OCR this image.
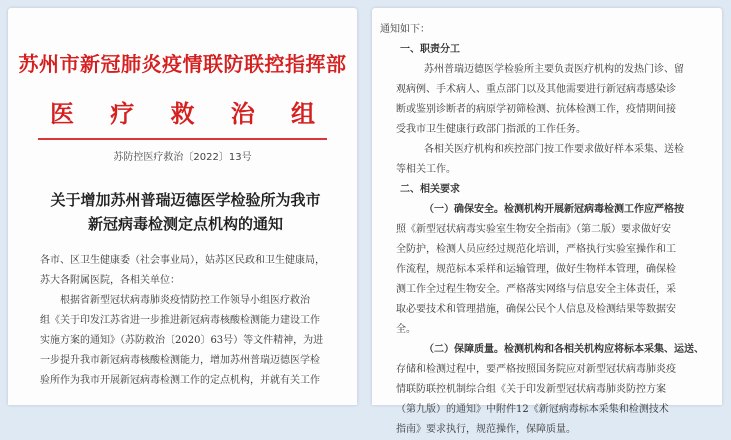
苏州市新冠肺炎疫情联防联控指挥部
医 疗 救 治 组
苏防控医疗救治〔2022〕13号
关于增加苏州普瑞迈德医学检验所为我市
新冠病毒检测定点机构的通知
各市、区卫生健康委（社会事业局），姑苏区民政和卫生健康局，
苏大各附属医院，各相关单位：
根据省新型冠状病毒肺炎疫情防控工作领导小组医疗救治
组《关于印发江苏省进一步推进新冠病毒核酸检测能力建设工作
实施方案的通知》（苏防救治〔2020〕63号）等文件精神，为进
一步提升我市新冠病毒核酸检测能力，增加苏州普瑞迈德医学检
验所作为我市开展新冠病毒检测工作的定点机构，并就有关工作
通知如下：
一、职责分工
苏州普瑞迈德医学检验所主要负责医疗机构的发热门诊、留
观病例、手术病人、重点部门以及其他需要进行新冠病毒感染诊
断或鉴别诊断者的病原学初筛检测、抗体检测工作，疫情期间接
受我市卫生健康行政部门指派的工作任务。
各相关医疗机构和疾控部门按工作要求做好样本采集、送检
等相关工作。
二、相关要求
（一）确保安全。检测机构开展新冠病毒检测工作应严格按
照《新型冠状病毒实验室生物安全指南》（第二版）要求做好安
全防护，检测人员应经过规范化培训，严格执行实验室操作和工
作流程，规范标本采样和运输管理，做好生物样本管理，确保检
测工作全过程生物安全。严格落实网络与信息安全主体责任，采
取必要技术和管理措施，确保公民个人信息及检测结果等数据安
全。
（二）保障质量。检测机构和各相关机构应将标本采集、运送、
存储和检测过程中，要严格按照国务院应对新型冠状病毒肺炎疫
情联防联控机制综合组《关于印发新型冠状病毒肺炎防控方案
（第九版）的通知》中附件12《新冠病毒标本采集和检测技术
指南》要求执行，规范操作，保障质量。
